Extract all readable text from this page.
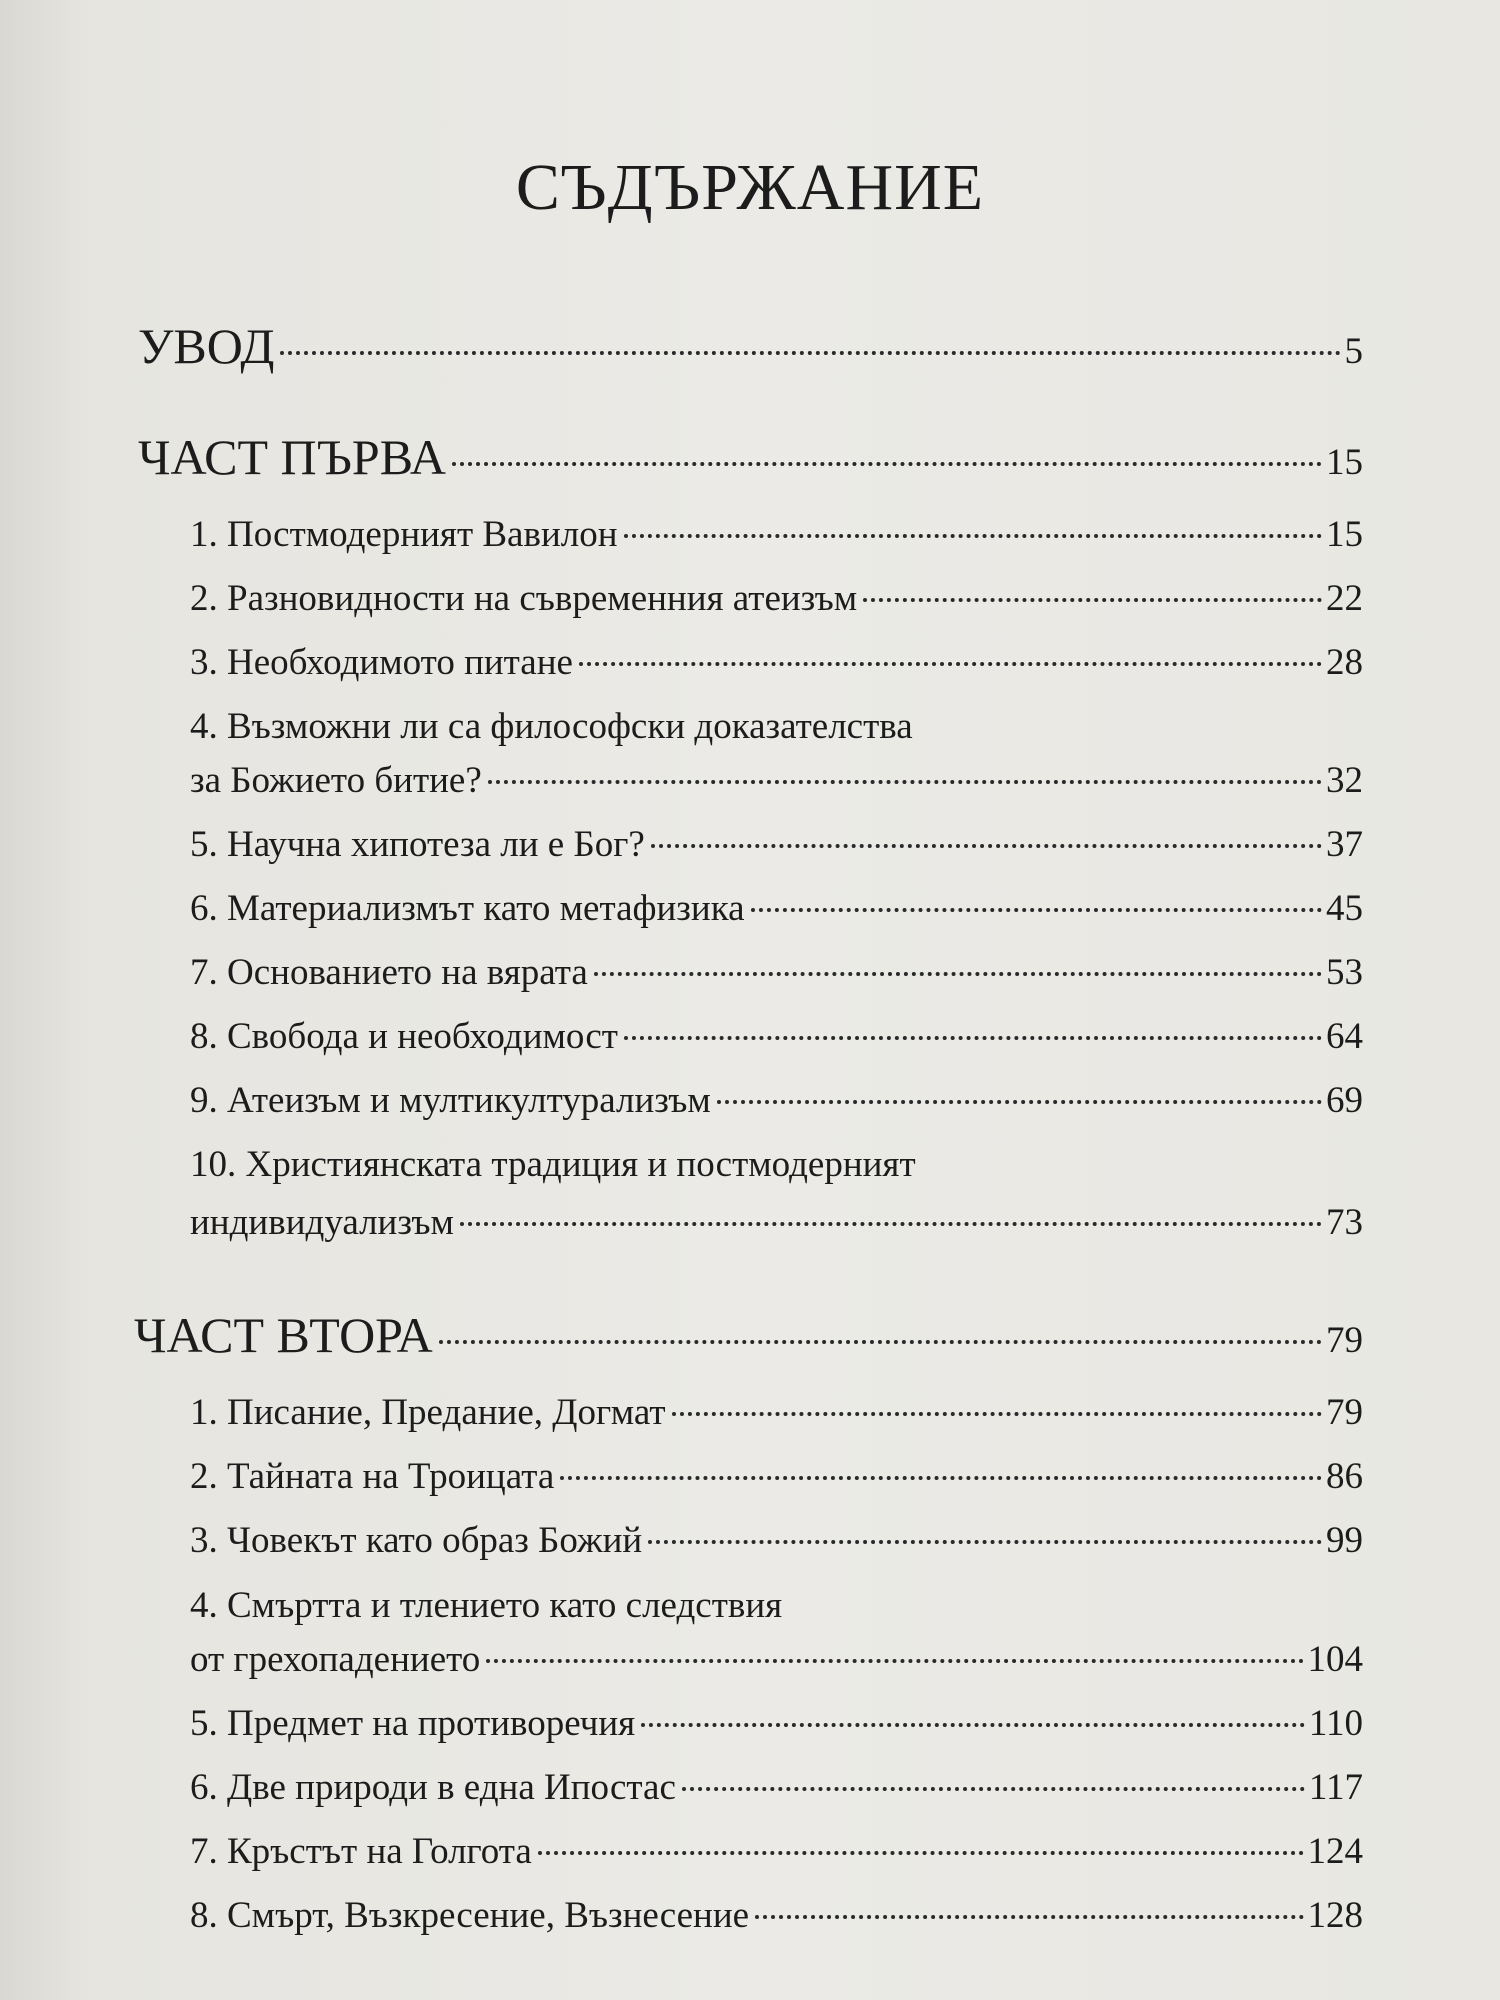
СЪДЪРЖАНИЕ
УВОД	5
ЧАСТ ПЪРВА	15
1. Постмодерният Вавилон	15
2. Разновидности на съвременния атеизъм	22
3. Необходимото питане	28
4. Възможни ли са философски доказателства
за Божието битие?	32
5. Научна хипотеза ли е Бог?	37
6. Материализмът като метафизика	45
7. Основанието на вярата	53
8. Свобода и необходимост	64
9. Атеизъм и мултикултурализъм	69
10. Християнската традиция и постмодерният
индивидуализъм	73
ЧАСТ ВТОРА	79
1. Писание, Предание, Догмат	79
2. Тайната на Троицата	86
3. Човекът като образ Божий	99
4. Смъртта и тлението като следствия
от грехопадението	104
5. Предмет на противоречия	110
6. Две природи в една Ипостас	117
7. Кръстът на Голгота	124
8. Смърт, Възкресение, Възнесение	128
